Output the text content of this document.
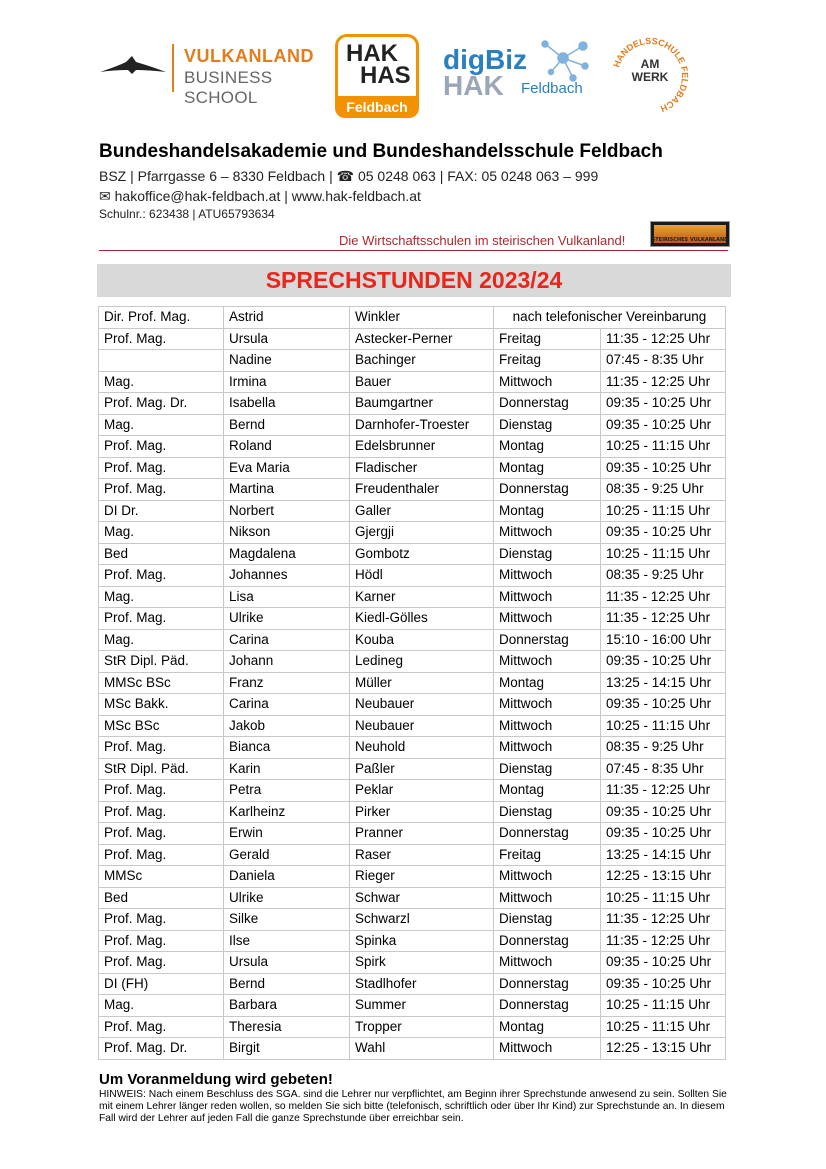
VULKANLAND
BUSINESS SCHOOL
HAK
HAS
Feldbach
digBiz
HAK Feldbach
HANDELSSCHULE FELDBACH
AM
WERK
Bundeshandelsakademie und Bundeshandelsschule Feldbach
BSZ | Pfarrgasse 6 – 8330 Feldbach | ☎ 05 0248 063 | FAX: 05 0248 063 – 999
✉ hakoffice@hak-feldbach.at | www.hak-feldbach.at
Schulnr.: 623438 | ATU65793634
Die Wirtschaftsschulen im steirischen Vulkanland!	STEIRISCHES VULKANLAND
SPRECHSTUNDEN 2023/24
Dir. Prof. Mag.	Astrid	Winkler	nach telefonischer Vereinbarung	
Prof. Mag.	Ursula	Astecker-Perner	Freitag	11:35 - 12:25 Uhr
	Nadine	Bachinger	Freitag	07:45 - 8:35 Uhr
Mag.	Irmina	Bauer	Mittwoch	11:35 - 12:25 Uhr
Prof. Mag. Dr.	Isabella	Baumgartner	Donnerstag	09:35 - 10:25 Uhr
Mag.	Bernd	Darnhofer-Troester	Dienstag	09:35 - 10:25 Uhr
Prof. Mag.	Roland	Edelsbrunner	Montag	10:25 - 11:15 Uhr
Prof. Mag.	Eva Maria	Fladischer	Montag	09:35 - 10:25 Uhr
Prof. Mag.	Martina	Freudenthaler	Donnerstag	08:35 - 9:25 Uhr
DI Dr.	Norbert	Galler	Montag	10:25 - 11:15 Uhr
Mag.	Nikson	Gjergji	Mittwoch	09:35 - 10:25 Uhr
Bed	Magdalena	Gombotz	Dienstag	10:25 - 11:15 Uhr
Prof. Mag.	Johannes	Hödl	Mittwoch	08:35 - 9:25 Uhr
Mag.	Lisa	Karner	Mittwoch	11:35 - 12:25 Uhr
Prof. Mag.	Ulrike	Kiedl-Gölles	Mittwoch	11:35 - 12:25 Uhr
Mag.	Carina	Kouba	Donnerstag	15:10 - 16:00 Uhr
StR Dipl. Päd.	Johann	Ledineg	Mittwoch	09:35 - 10:25 Uhr
MMSc BSc	Franz	Müller	Montag	13:25 - 14:15 Uhr
MSc Bakk.	Carina	Neubauer	Mittwoch	09:35 - 10:25 Uhr
MSc BSc	Jakob	Neubauer	Mittwoch	10:25 - 11:15 Uhr
Prof. Mag.	Bianca	Neuhold	Mittwoch	08:35 - 9:25 Uhr
StR Dipl. Päd.	Karin	Paßler	Dienstag	07:45 - 8:35 Uhr
Prof. Mag.	Petra	Peklar	Montag	11:35 - 12:25 Uhr
Prof. Mag.	Karlheinz	Pirker	Dienstag	09:35 - 10:25 Uhr
Prof. Mag.	Erwin	Pranner	Donnerstag	09:35 - 10:25 Uhr
Prof. Mag.	Gerald	Raser	Freitag	13:25 - 14:15 Uhr
MMSc	Daniela	Rieger	Mittwoch	12:25 - 13:15 Uhr
Bed	Ulrike	Schwar	Mittwoch	10:25 - 11:15 Uhr
Prof. Mag.	Silke	Schwarzl	Dienstag	11:35 - 12:25 Uhr
Prof. Mag.	Ilse	Spinka	Donnerstag	11:35 - 12:25 Uhr
Prof. Mag.	Ursula	Spirk	Mittwoch	09:35 - 10:25 Uhr
DI (FH)	Bernd	Stadlhofer	Donnerstag	09:35 - 10:25 Uhr
Mag.	Barbara	Summer	Donnerstag	10:25 - 11:15 Uhr
Prof. Mag.	Theresia	Tropper	Montag	10:25 - 11:15 Uhr
Prof. Mag. Dr.	Birgit	Wahl	Mittwoch	12:25 - 13:15 Uhr
Um Voranmeldung wird gebeten!
HINWEIS: Nach einem Beschluss des SGA. sind die Lehrer nur verpflichtet, am Beginn ihrer Sprechstunde anwesend zu sein. Sollten Sie mit einem Lehrer länger reden wollen, so melden Sie sich bitte (telefonisch, schriftlich oder über Ihr Kind) zur Sprechstunde an. In diesem Fall wird der Lehrer auf jeden Fall die ganze Sprechstunde über erreichbar sein.
